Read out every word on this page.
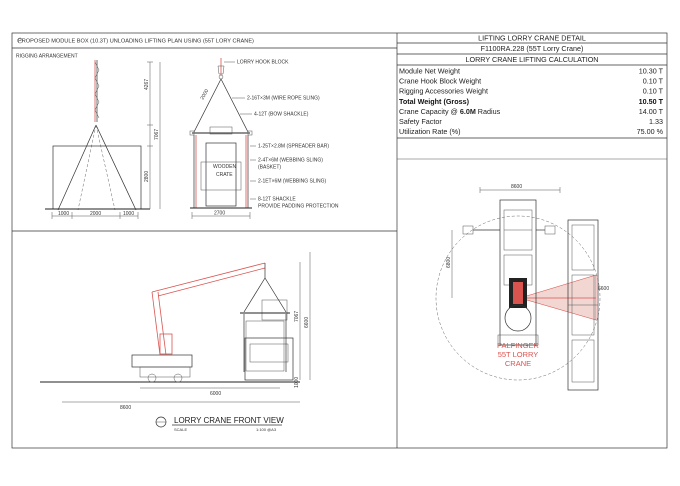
PROPOSED MODULE BOX (10.3T) UNLOADING LIFTING PLAN USING (55T LORY CRANE)
RIGGING ARRANGEMENT
1000	2000	1000
4267
7067
2800
WOODEN
CRATE
2700
2000
LORRY HOOK BLOCK
2-16T×3M (WIRE ROPE SLING)
4-12T (BOW SHACKLE)
1-25T×2.8M (SPREADER BAR)
2-4T×6M (WEBBING SLING)
(BASKET)
2-1ET×6M (WEBBING SLING)
8-12T SHACKLE
PROVIDE PADDING PROTECTION
6000
8600
7067
6600
1000
LORRY CRANE FRONT VIEW
SCALE	1:100 @A3
LIFTING LORRY CRANE DETAIL
F1100RA.228 (55T Lorry Crane)
LORRY CRANE LIFTING CALCULATION
Module Net Weight	10.30 T
Crane Hook Block Weight	0.10 T
Rigging Accessories Weight	0.10 T
Total Weight (Gross)	10.50 T
Crane Capacity @ 6.0M Radius	14.00 T
Safety Factor	1.33
Utilization Rate (%)	75.00 %
8600
6800
6600
PALFINGER
55T LORRY
CRANE
